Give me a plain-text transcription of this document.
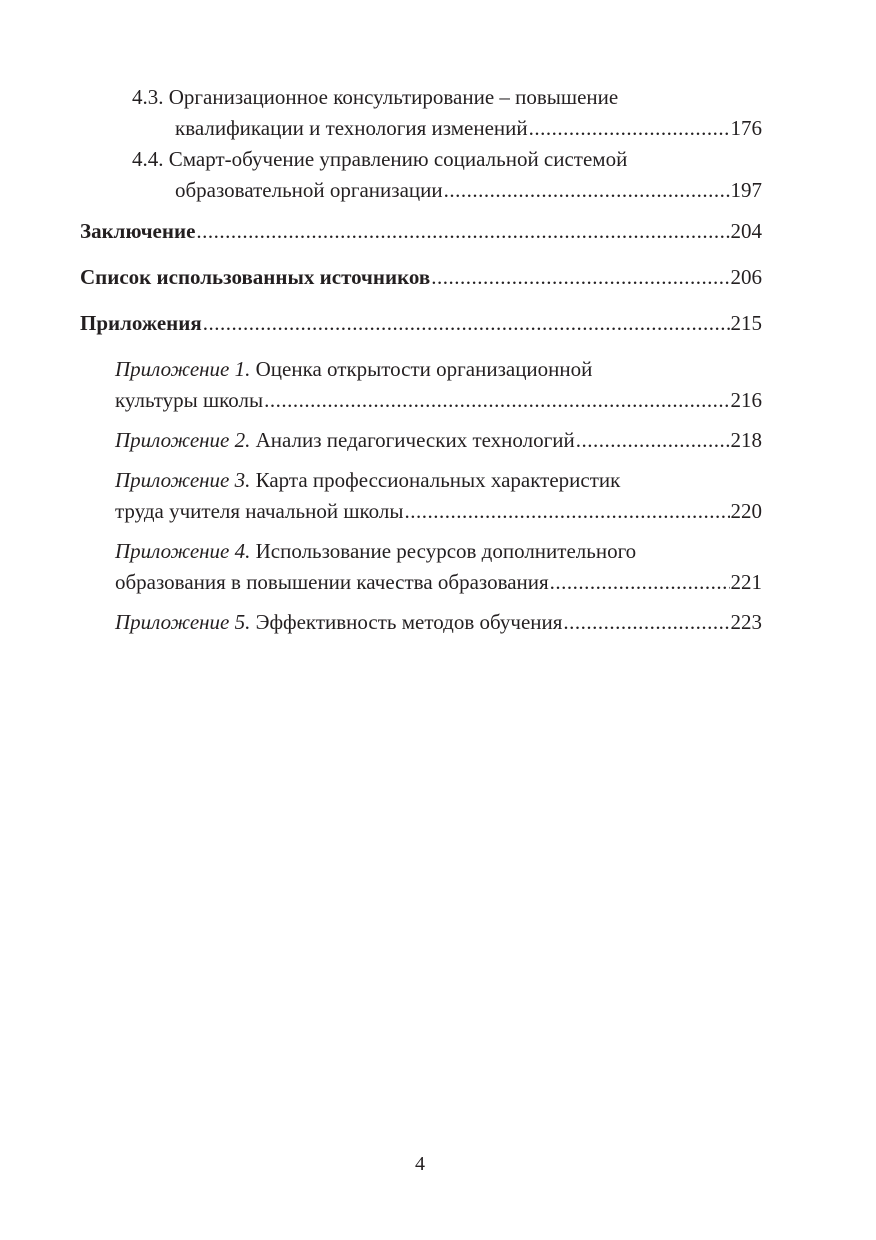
4.3. Организационное консультирование – повышение
квалификации и технология изменений .....	176
4.4. Смарт-обучение управлению социальной системой
образовательной организации .....	197
Заключение .....	204
Список использованных источников .....	206
Приложения .....	215
Приложение 1. Оценка открытости организационной
культуры школы .....	216
Приложение 2. Анализ педагогических технологий .....	218
Приложение 3. Карта профессиональных характеристик
труда учителя начальной школы .....	220
Приложение 4. Использование ресурсов дополнительного
образования в повышении качества образования .....	221
Приложение 5. Эффективность методов обучения .....	223
4
